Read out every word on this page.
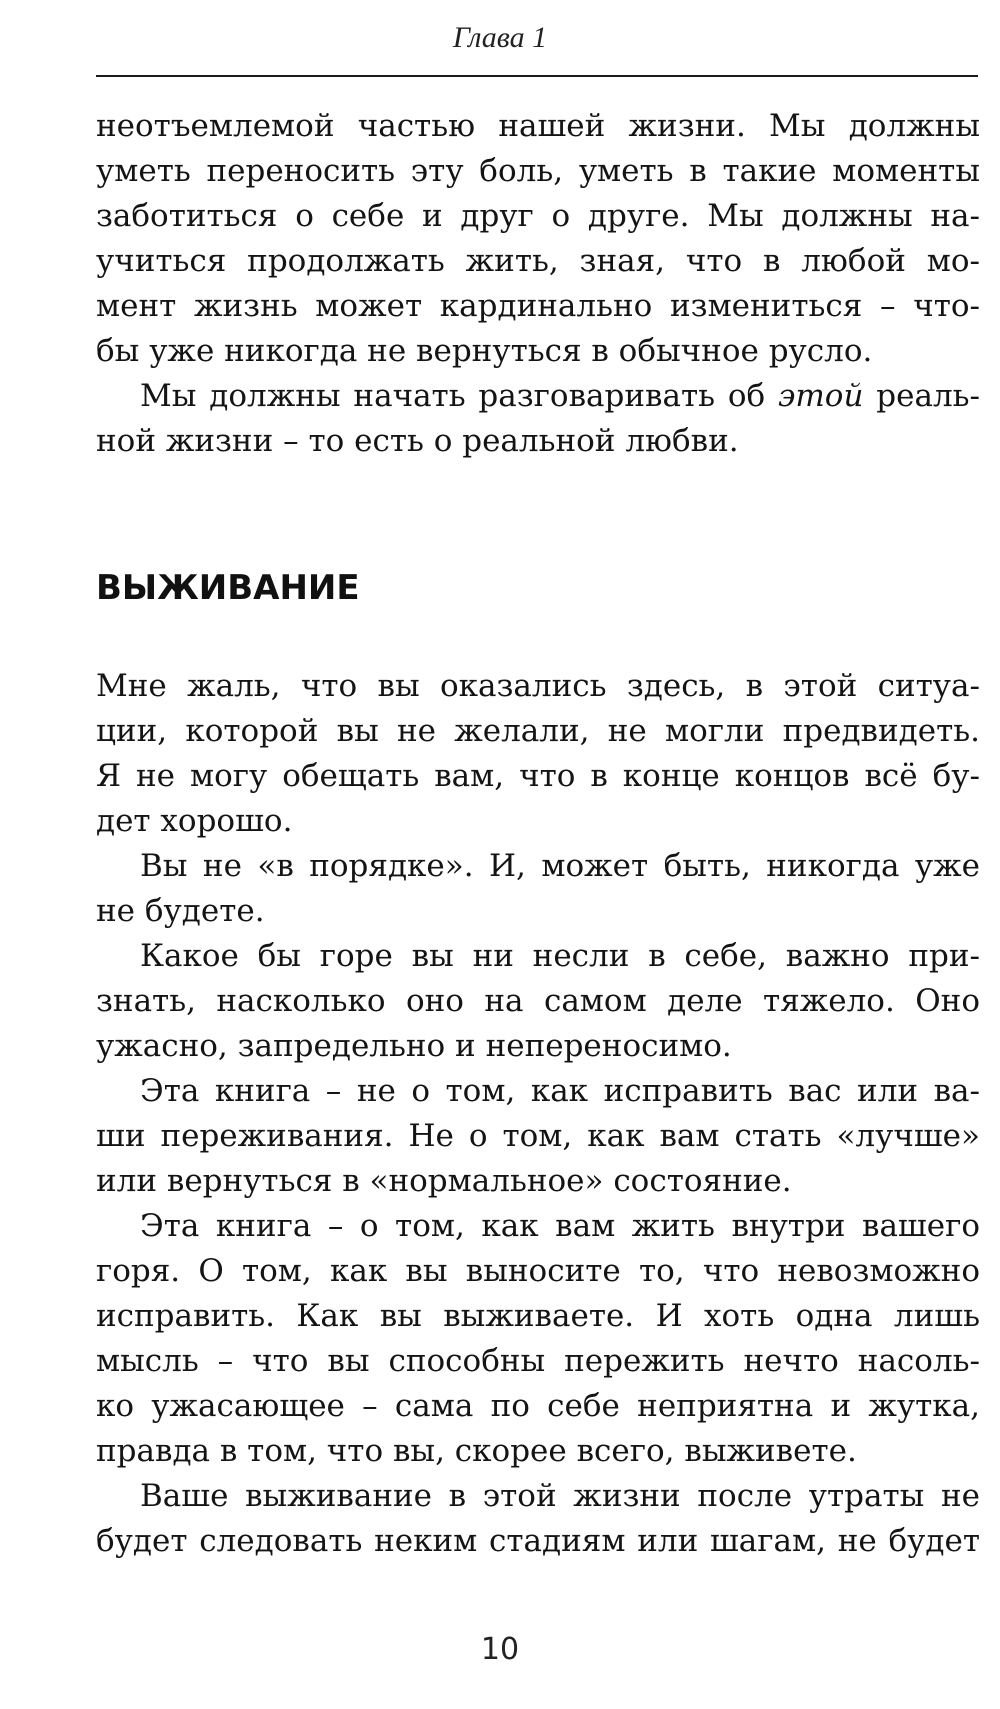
Глава 1
неотъемлемой частью нашей жизни. Мы должны
уметь переносить эту боль, уметь в такие моменты
заботиться о себе и друг о друге. Мы должны на-
учиться продолжать жить, зная, что в любой мо-
мент жизнь может кардинально измениться – что-
бы уже никогда не вернуться в обычное русло.
Мы должны начать разговаривать об этой реаль-
ной жизни – то есть о реальной любви.
ВЫЖИВАНИЕ
Мне жаль, что вы оказались здесь, в этой ситуа-
ции, которой вы не желали, не могли предвидеть.
Я не могу обещать вам, что в конце концов всё бу-
дет хорошо.
Вы не «в порядке». И, может быть, никогда уже
не будете.
Какое бы горе вы ни несли в себе, важно при-
знать, насколько оно на самом деле тяжело. Оно
ужасно, запредельно и непереносимо.
Эта книга – не о том, как исправить вас или ва-
ши переживания. Не о том, как вам стать «лучше»
или вернуться в «нормальное» состояние.
Эта книга – о том, как вам жить внутри вашего
горя. О том, как вы выносите то, что невозможно
исправить. Как вы выживаете. И хоть одна лишь
мысль – что вы способны пережить нечто насоль-
ко ужасающее – сама по себе неприятна и жутка,
правда в том, что вы, скорее всего, выживете.
Ваше выживание в этой жизни после утраты не
будет следовать неким стадиям или шагам, не будет
10
